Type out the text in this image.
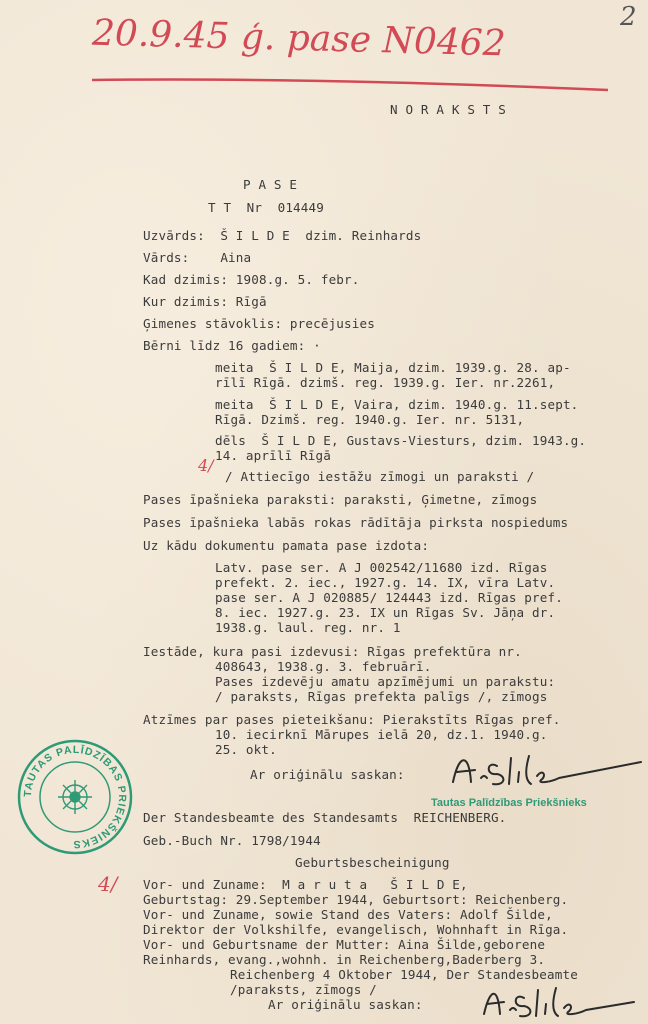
20.9.45 ģ. pase N0462	2
N O R A K S T S
P A S E
T T  Nr  014449
Uzvārds:  Š I L D E  dzim. Reinhards
Vārds:    Aina
Kad dzimis: 1908.g. 5. febr.
Kur dzimis: Rīgā
Ģimenes stāvoklis: precējusies
Bērni līdz 16 gadiem: ·
meita  Š I L D E, Maija, dzim. 1939.g. 28. ap-
rīlī Rīgā. dzimš. reg. 1939.g. Ier. nr.2261,
meita  Š I L D E, Vaira, dzim. 1940.g. 11.sept.
Rīgā. Dzimš. reg. 1940.g. Ier. nr. 5131,
dēls  Š I L D E, Gustavs-Viesturs, dzim. 1943.g.
14. aprīlī Rīgā
4/
/ Attiecīgo iestāžu zīmogi un paraksti /
Pases īpašnieka paraksti: paraksti, Ģimetne, zīmogs
Pases īpašnieka labās rokas rādītāja pirksta nospiedums
Uz kādu dokumentu pamata pase izdota:
Latv. pase ser. A J 002542/11680 izd. Rīgas
prefekt. 2. iec., 1927.g. 14. IX, vīra Latv.
pase ser. A J 020885/ 124443 izd. Rīgas pref.
8. iec. 1927.g. 23. IX un Rīgas Sv. Jāņa dr.
1938.g. laul. reg. nr. 1
Iestāde, kura pasi izdevusi: Rīgas prefektūra nr.
408643, 1938.g. 3. februārī.
Pases izdevēju amatu apzīmējumi un parakstu:
/ paraksts, Rīgas prefekta palīgs /, zīmogs
Atzīmes par pases pieteikšanu: Pierakstīts Rīgas pref.
10. iecirknī Mārupes ielā 20, dz.1. 1940.g.
25. okt.
Ar oriģinālu saskan:
TAUTAS PALĪDZĪBAS PRIEKŠNIEKS
Tautas Palīdzības Priekšnieks
Der Standesbeamte des Standesamts  REICHENBERG.
Geb.-Buch Nr. 1798/1944
Geburtsbescheinigung
4/ Vor- und Zuname:  M a r u t a   Š I L D E,
Geburtstag: 29.September 1944, Geburtsort: Reichenberg.
Vor- und Zuname, sowie Stand des Vaters: Adolf Šilde,
Direktor der Volkshilfe, evangelisch, Wohnhaft in Rīga.
Vor- und Geburtsname der Mutter: Aina Šilde,geborene
Reinhards, evang.,wohnh. in Reichenberg,Baderberg 3.
Reichenberg 4 Oktober 1944, Der Standesbeamte
/paraksts, zīmogs /
Ar oriģinālu saskan:
